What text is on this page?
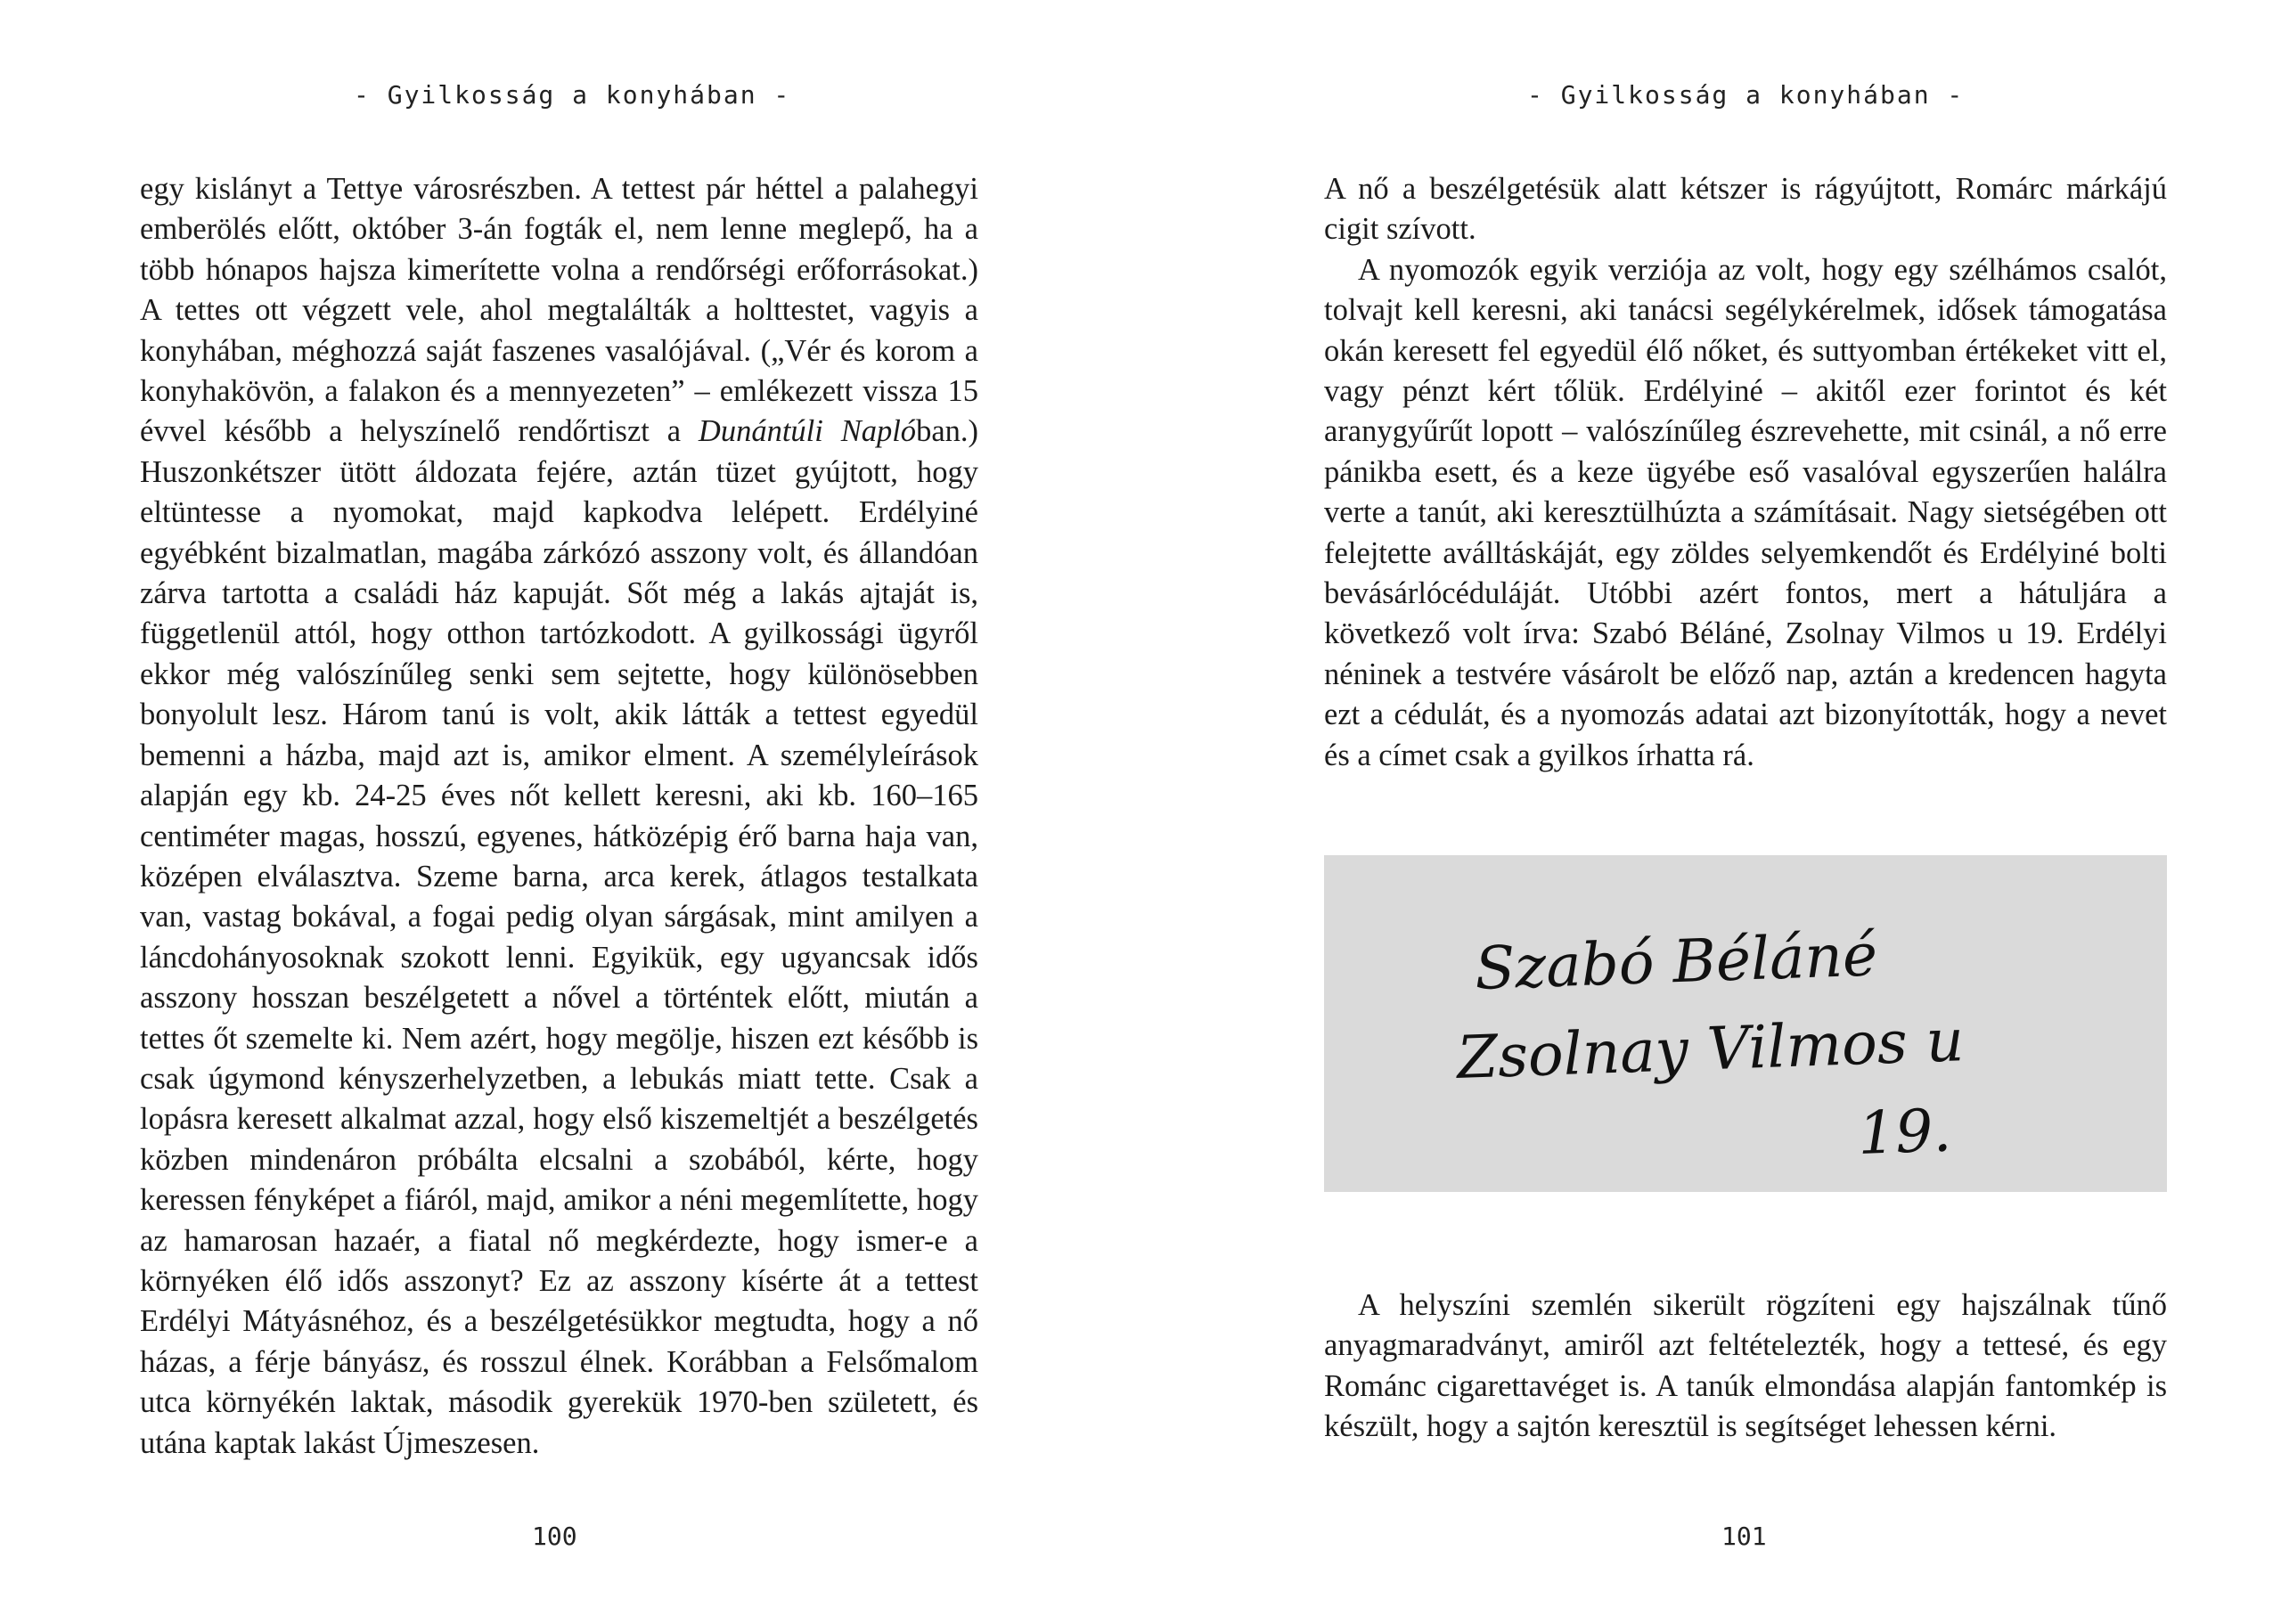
- Gyilkosság a konyhában -

egy kislányt a Tettye városrészben. A tettest pár héttel a palahegyi emberölés előtt, október 3-án fogták el, nem lenne meglepő, ha a több hónapos hajsza kimerítette volna a rendőrségi erőforrásokat.) A tettes ott végzett vele, ahol megtalálták a holttestet, vagyis a konyhában, méghozzá saját faszenes vasalójával. („Vér és korom a konyhakövön, a falakon és a mennyezeten” – emlékezett vissza 15 évvel később a helyszínelő rendőrtiszt a Dunántúli Naplóban.) Huszonkétszer ütött áldozata fejére, aztán tüzet gyújtott, hogy eltüntesse a nyomokat, majd kapkodva lelépett. Erdélyiné egyébként bizalmatlan, magába zárkózó asszony volt, és állandóan zárva tartotta a családi ház kapuját. Sőt még a lakás ajtaját is, függetlenül attól, hogy otthon tartózkodott. A gyilkossági ügyről ekkor még valószínűleg senki sem sejtette, hogy különösebben bonyolult lesz. Három tanú is volt, akik látták a tettest egyedül bemenni a házba, majd azt is, amikor elment. A személyleírások alapján egy kb. 24-25 éves nőt kellett keresni, aki kb. 160–165 centiméter magas, hosszú, egyenes, hátközépig érő barna haja van, középen elválasztva. Szeme barna, arca kerek, átlagos testalkata van, vastag bokával, a fogai pedig olyan sárgásak, mint amilyen a láncdohányosoknak szokott lenni. Egyikük, egy ugyancsak idős asszony hosszan beszélgetett a nővel a történtek előtt, miután a tettes őt szemelte ki. Nem azért, hogy megölje, hiszen ezt később is csak úgymond kényszerhelyzetben, a lebukás miatt tette. Csak a lopásra keresett alkalmat azzal, hogy első kiszemeltjét a beszélgetés közben mindenáron próbálta elcsalni a szobából, kérte, hogy keressen fényképet a fiáról, majd, amikor a néni megemlítette, hogy az hamarosan hazaér, a fiatal nő megkérdezte, hogy ismer-e a környéken élő idős asszonyt? Ez az asszony kísérte át a tettest Erdélyi Mátyásnéhoz, és a beszélgetésükkor megtudta, hogy a nő házas, a férje bányász, és rosszul élnek. Korábban a Felsőmalom utca környékén laktak, második gyerekük 1970-ben született, és utána kaptak lakást Újmeszesen.

100
- Gyilkosság a konyhában -

A nő a beszélgetésük alatt kétszer is rágyújtott, Romárc márkájú cigit szívott.

A nyomozók egyik verziója az volt, hogy egy szélhámos csalót, tolvajt kell keresni, aki tanácsi segélykérelmek, idősek támogatása okán keresett fel egyedül élő nőket, és suttyomban értékeket vitt el, vagy pénzt kért tőlük. Erdélyiné – akitől ezer forintot és két aranygyűrűt lopott – valószínűleg észrevehette, mit csinál, a nő erre pánikba esett, és a keze ügyébe eső vasalóval egyszerűen halálra verte a tanút, aki keresztülhúzta a számításait. Nagy sietségében ott felejtette aválltáskáját, egy zöldes selyemkendőt és Erdélyiné bolti bevásárlócéduláját. Utóbbi azért fontos, mert a hátuljára a következő volt írva: Szabó Béláné, Zsolnay Vilmos u 19. Erdélyi néninek a testvére vásárolt be előző nap, aztán a kredencen hagyta ezt a cédulát, és a nyomozás adatai azt bizonyították, hogy a nevet és a címet csak a gyilkos írhatta rá.

Szabó Béláné
Zsolnay Vilmos u
19.

A helyszíni szemlén sikerült rögzíteni egy hajszálnak tűnő anyagmaradványt, amiről azt feltételezték, hogy a tettesé, és egy Románc cigarettavéget is. A tanúk elmondása alapján fantomkép is készült, hogy a sajtón keresztül is segítséget lehessen kérni.

101
